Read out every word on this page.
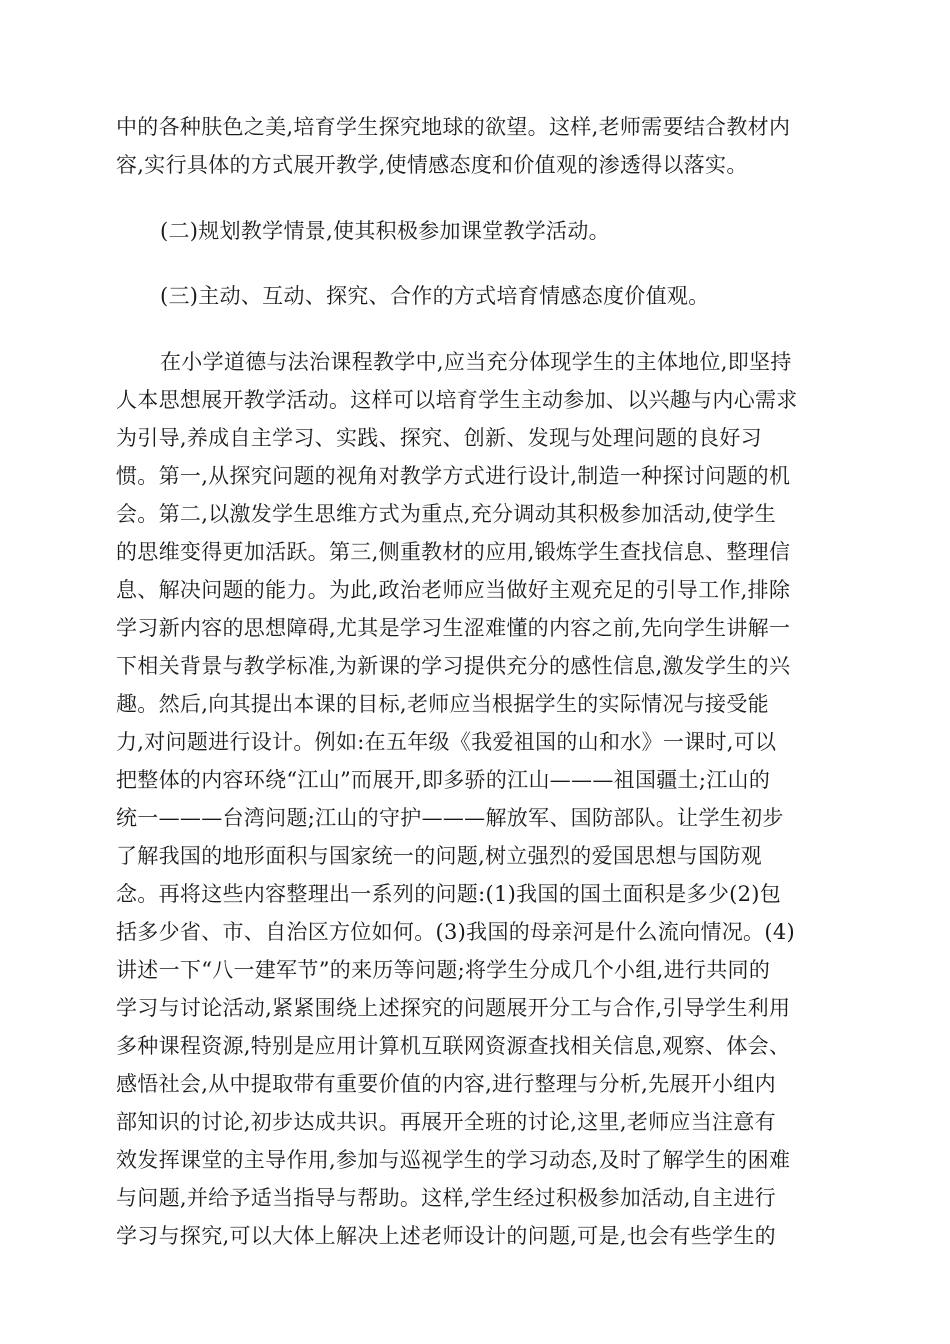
中的各种肤色之美,培育学生探究地球的欲望。这样,老师需要结合教材内
容,实行具体的方式展开教学,使情感态度和价值观的渗透得以落实。
(二)规划教学情景,使其积极参加课堂教学活动。
(三)主动、互动、探究、合作的方式培育情感态度价值观。
在小学道德与法治课程教学中,应当充分体现学生的主体地位,即坚持
人本思想展开教学活动。这样可以培育学生主动参加、以兴趣与内心需求
为引导,养成自主学习、实践、探究、创新、发现与处理问题的良好习
惯。第一,从探究问题的视角对教学方式进行设计,制造一种探讨问题的机
会。第二,以激发学生思维方式为重点,充分调动其积极参加活动,使学生
的思维变得更加活跃。第三,侧重教材的应用,锻炼学生查找信息、整理信
息、解决问题的能力。为此,政治老师应当做好主观充足的引导工作,排除
学习新内容的思想障碍,尤其是学习生涩难懂的内容之前,先向学生讲解一
下相关背景与教学标准,为新课的学习提供充分的感性信息,激发学生的兴
趣。然后,向其提出本课的目标,老师应当根据学生的实际情况与接受能
力,对问题进行设计。例如:在五年级《我爱祖国的山和水》一课时,可以
把整体的内容环绕“江山”而展开,即多骄的江山———祖国疆土;江山的
统一———台湾问题;江山的守护———解放军、国防部队。让学生初步
了解我国的地形面积与国家统一的问题,树立强烈的爱国思想与国防观
念。再将这些内容整理出一系列的问题:(1)我国的国土面积是多少(2)包
括多少省、市、自治区方位如何。(3)我国的母亲河是什么流向情况。(4)
讲述一下“八一建军节”的来历等问题;将学生分成几个小组,进行共同的
学习与讨论活动,紧紧围绕上述探究的问题展开分工与合作,引导学生利用
多种课程资源,特别是应用计算机互联网资源查找相关信息,观察、体会、
感悟社会,从中提取带有重要价值的内容,进行整理与分析,先展开小组内
部知识的讨论,初步达成共识。再展开全班的讨论,这里,老师应当注意有
效发挥课堂的主导作用,参加与巡视学生的学习动态,及时了解学生的困难
与问题,并给予适当指导与帮助。这样,学生经过积极参加活动,自主进行
学习与探究,可以大体上解决上述老师设计的问题,可是,也会有些学生的
